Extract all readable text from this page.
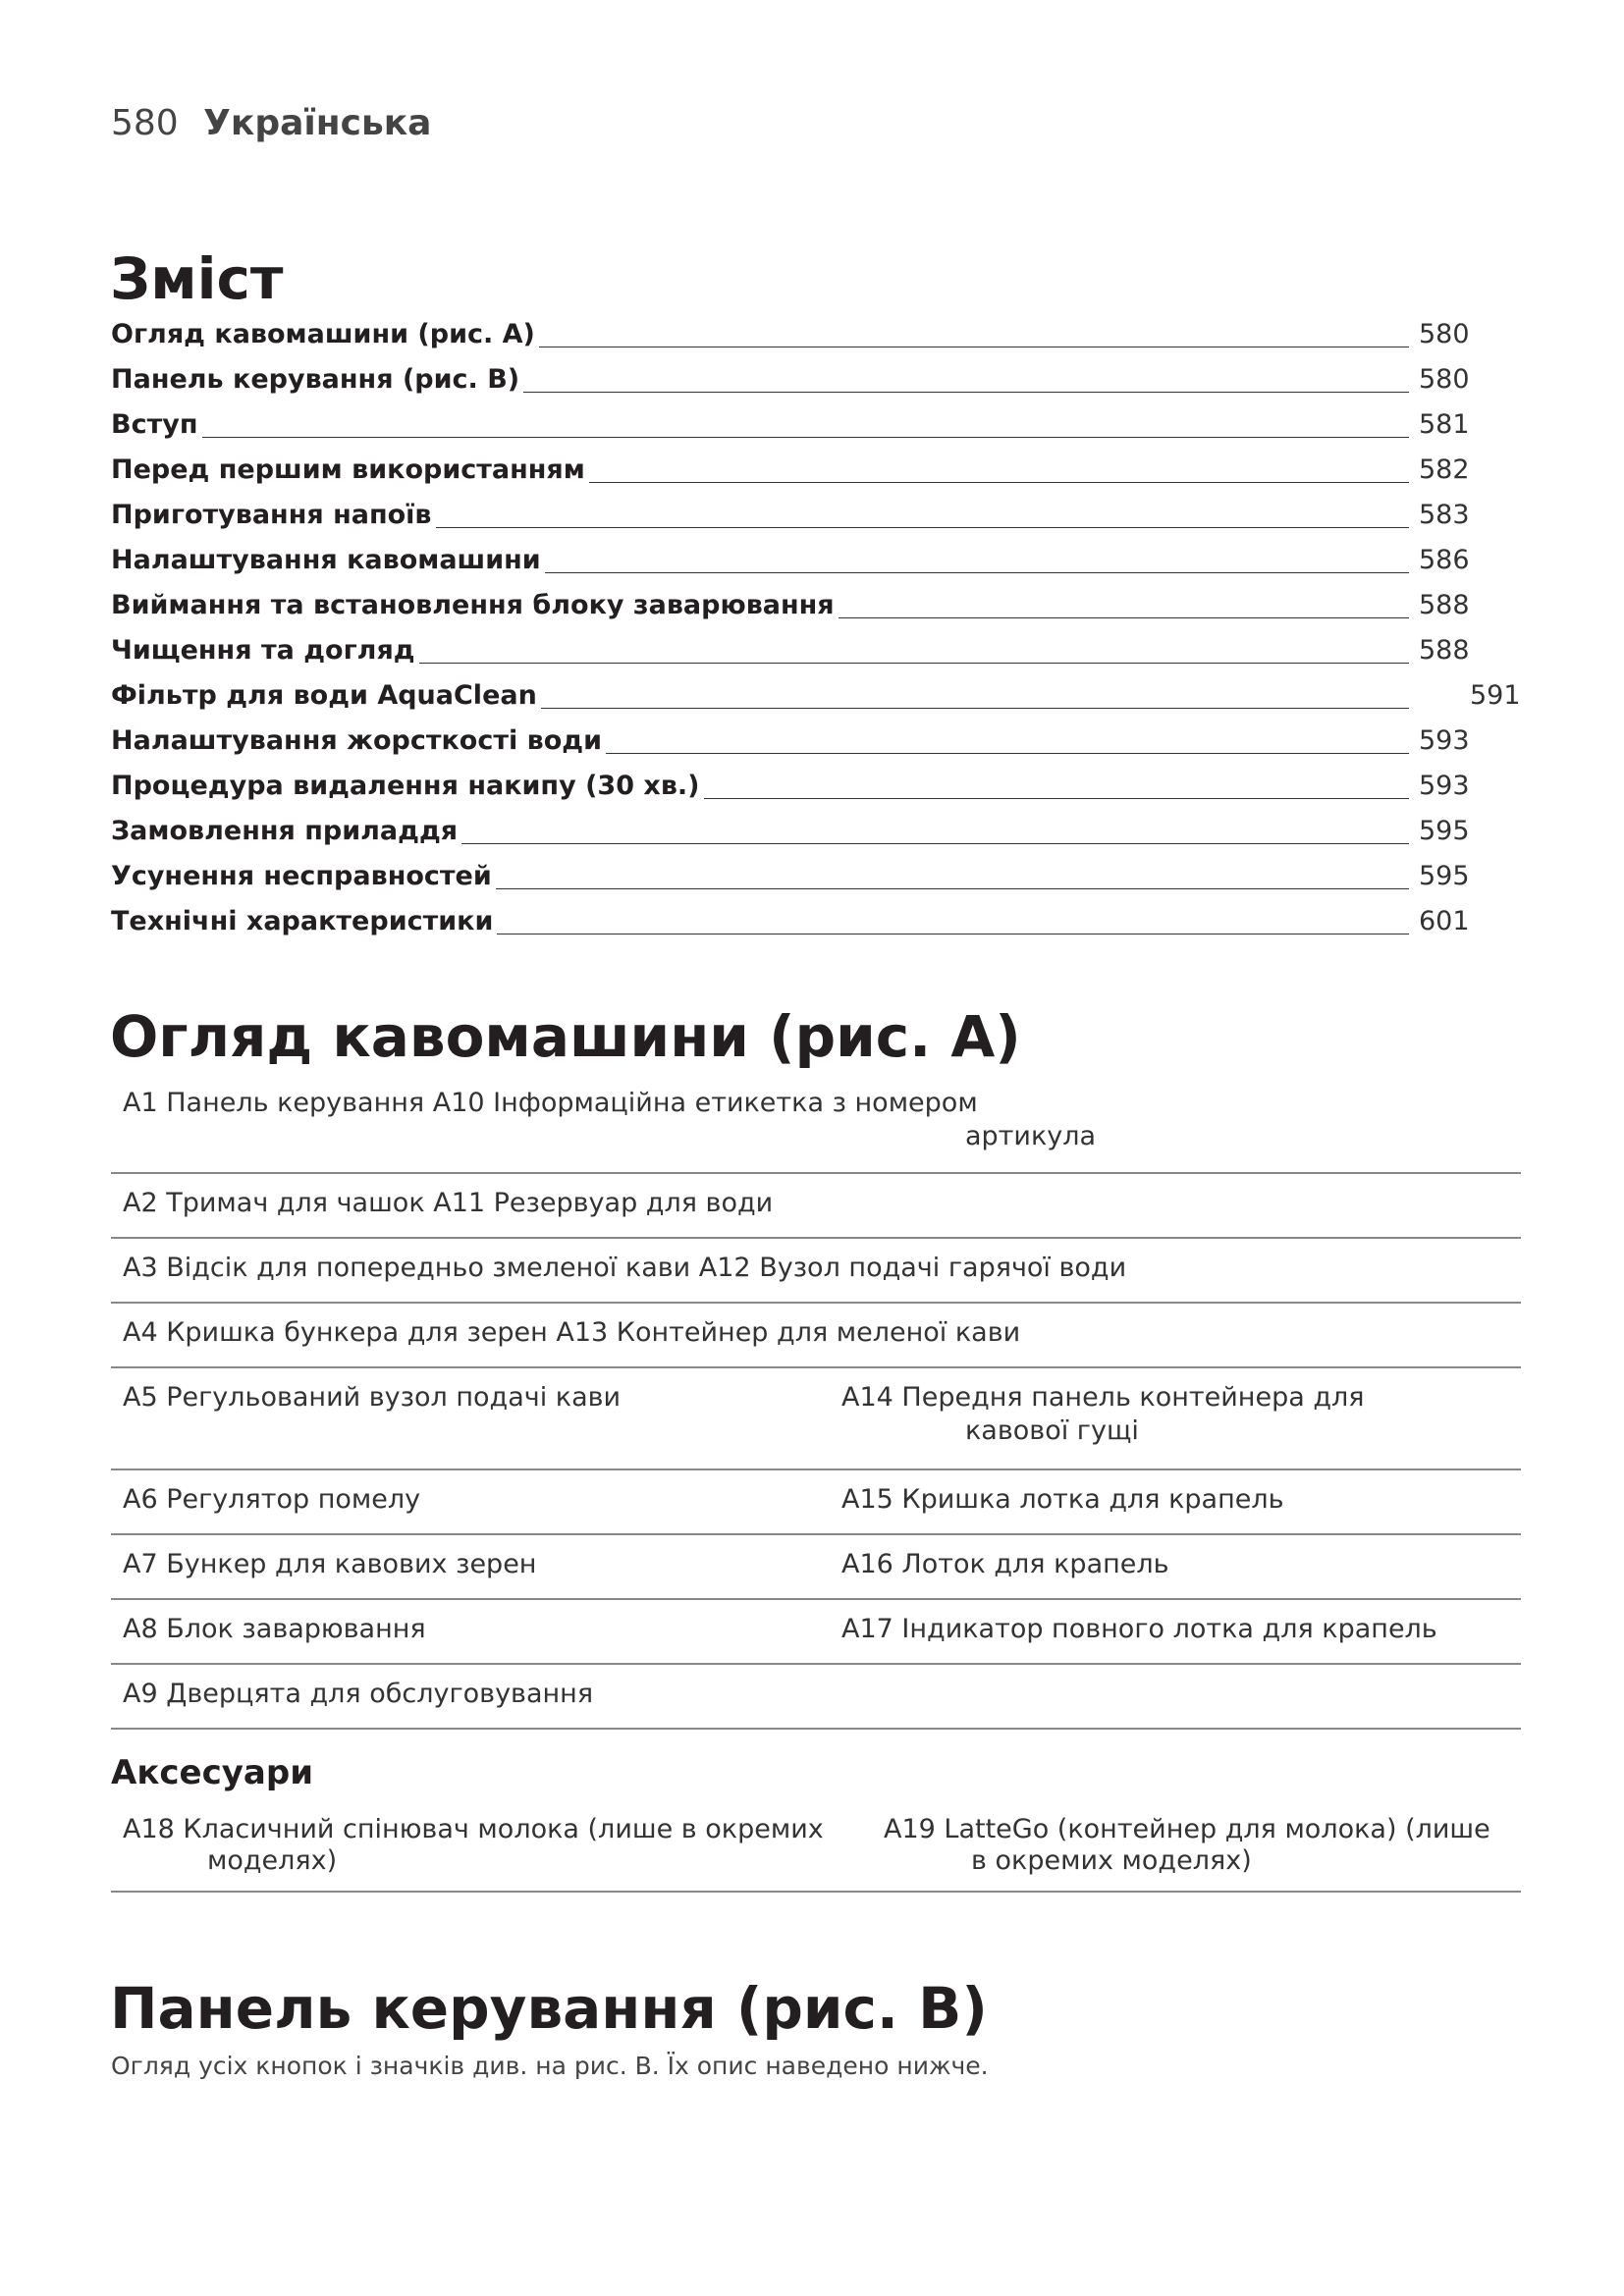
580 Українська
Зміст
Огляд кавомашини (рис. A)	580
Панель керування (рис. B)	580
Вступ	581
Перед першим використанням	582
Приготування напоїв	583
Налаштування кавомашини	586
Виймання та встановлення блоку заварювання	588
Чищення та догляд	588
Фільтр для води AquaClean	591
Налаштування жорсткості води	593
Процедура видалення накипу (30 хв.)	593
Замовлення приладдя	595
Усунення несправностей	595
Технічні характеристики	601
Огляд кавомашини (рис. A)
A1 Панель керування A10 Інформаційна етикетка з номером
артикула
A2 Тримач для чашок A11 Резервуар для води
A3 Відсік для попередньо змеленої кави A12 Вузол подачі гарячої води
A4 Кришка бункера для зерен A13 Контейнер для меленої кави
A5 Регульований вузол подачі кави	A14 Передня панель контейнера для
кавової гущі
A6 Регулятор помелу	A15 Кришка лотка для крапель
A7 Бункер для кавових зерен	A16 Лоток для крапель
A8 Блок заварювання	A17 Індикатор повного лотка для крапель
A9 Дверцята для обслуговування
Аксесуари
A18 Класичний спінювач молока (лише в окремих
моделях)
A19 LatteGo (контейнер для молока) (лише
в окремих моделях)
Панель керування (рис. B)
Огляд усіх кнопок і значків див. на рис. B. Їх опис наведено нижче.
